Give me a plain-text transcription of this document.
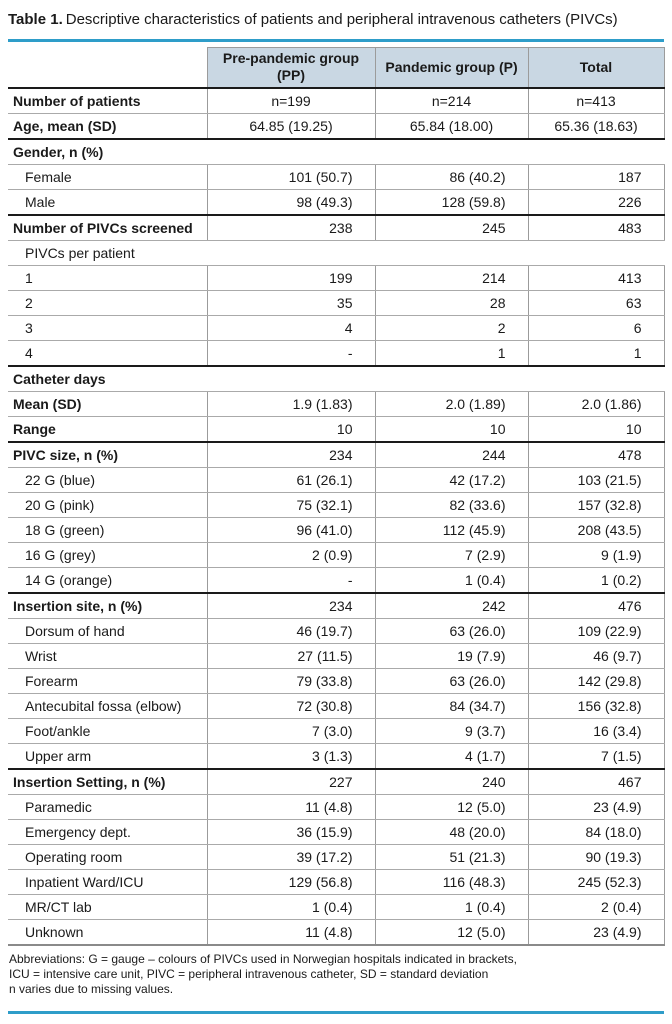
Table 1. Descriptive characteristics of patients and peripheral intravenous catheters (PIVCs)
	Pre-pandemic group (PP)	Pandemic group (P)	Total
Number of patients	n=199	n=214	n=413
Age, mean (SD)	64.85 (19.25)	65.84 (18.00)	65.36 (18.63)
Gender, n (%)			
Female	101 (50.7)	86 (40.2)	187
Male	98 (49.3)	128 (59.8)	226
Number of PIVCs screened	238	245	483
PIVCs per patient			
1	199	214	413
2	35	28	63
3	4	2	6
4	-	1	1
Catheter days			
Mean (SD)	1.9 (1.83)	2.0 (1.89)	2.0 (1.86)
Range	10	10	10
PIVC size, n (%)	234	244	478
22 G (blue)	61 (26.1)	42 (17.2)	103 (21.5)
20 G (pink)	75 (32.1)	82 (33.6)	157 (32.8)
18 G (green)	96 (41.0)	112 (45.9)	208 (43.5)
16 G (grey)	2 (0.9)	7 (2.9)	9 (1.9)
14 G (orange)	-	1 (0.4)	1 (0.2)
Insertion site, n (%)	234	242	476
Dorsum of hand	46 (19.7)	63 (26.0)	109 (22.9)
Wrist	27 (11.5)	19 (7.9)	46 (9.7)
Forearm	79 (33.8)	63 (26.0)	142 (29.8)
Antecubital fossa (elbow)	72 (30.8)	84 (34.7)	156 (32.8)
Foot/ankle	7 (3.0)	9 (3.7)	16 (3.4)
Upper arm	3 (1.3)	4 (1.7)	7 (1.5)
Insertion Setting, n (%)	227	240	467
Paramedic	11 (4.8)	12 (5.0)	23 (4.9)
Emergency dept.	36 (15.9)	48 (20.0)	84 (18.0)
Operating room	39 (17.2)	51 (21.3)	90 (19.3)
Inpatient Ward/ICU	129 (56.8)	116 (48.3)	245 (52.3)
MR/CT lab	1 (0.4)	1 (0.4)	2 (0.4)
Unknown	11 (4.8)	12 (5.0)	23 (4.9)
Abbreviations: G = gauge – colours of PIVCs used in Norwegian hospitals indicated in brackets,
ICU = intensive care unit, PIVC = peripheral intravenous catheter, SD = standard deviation
n varies due to missing values.
